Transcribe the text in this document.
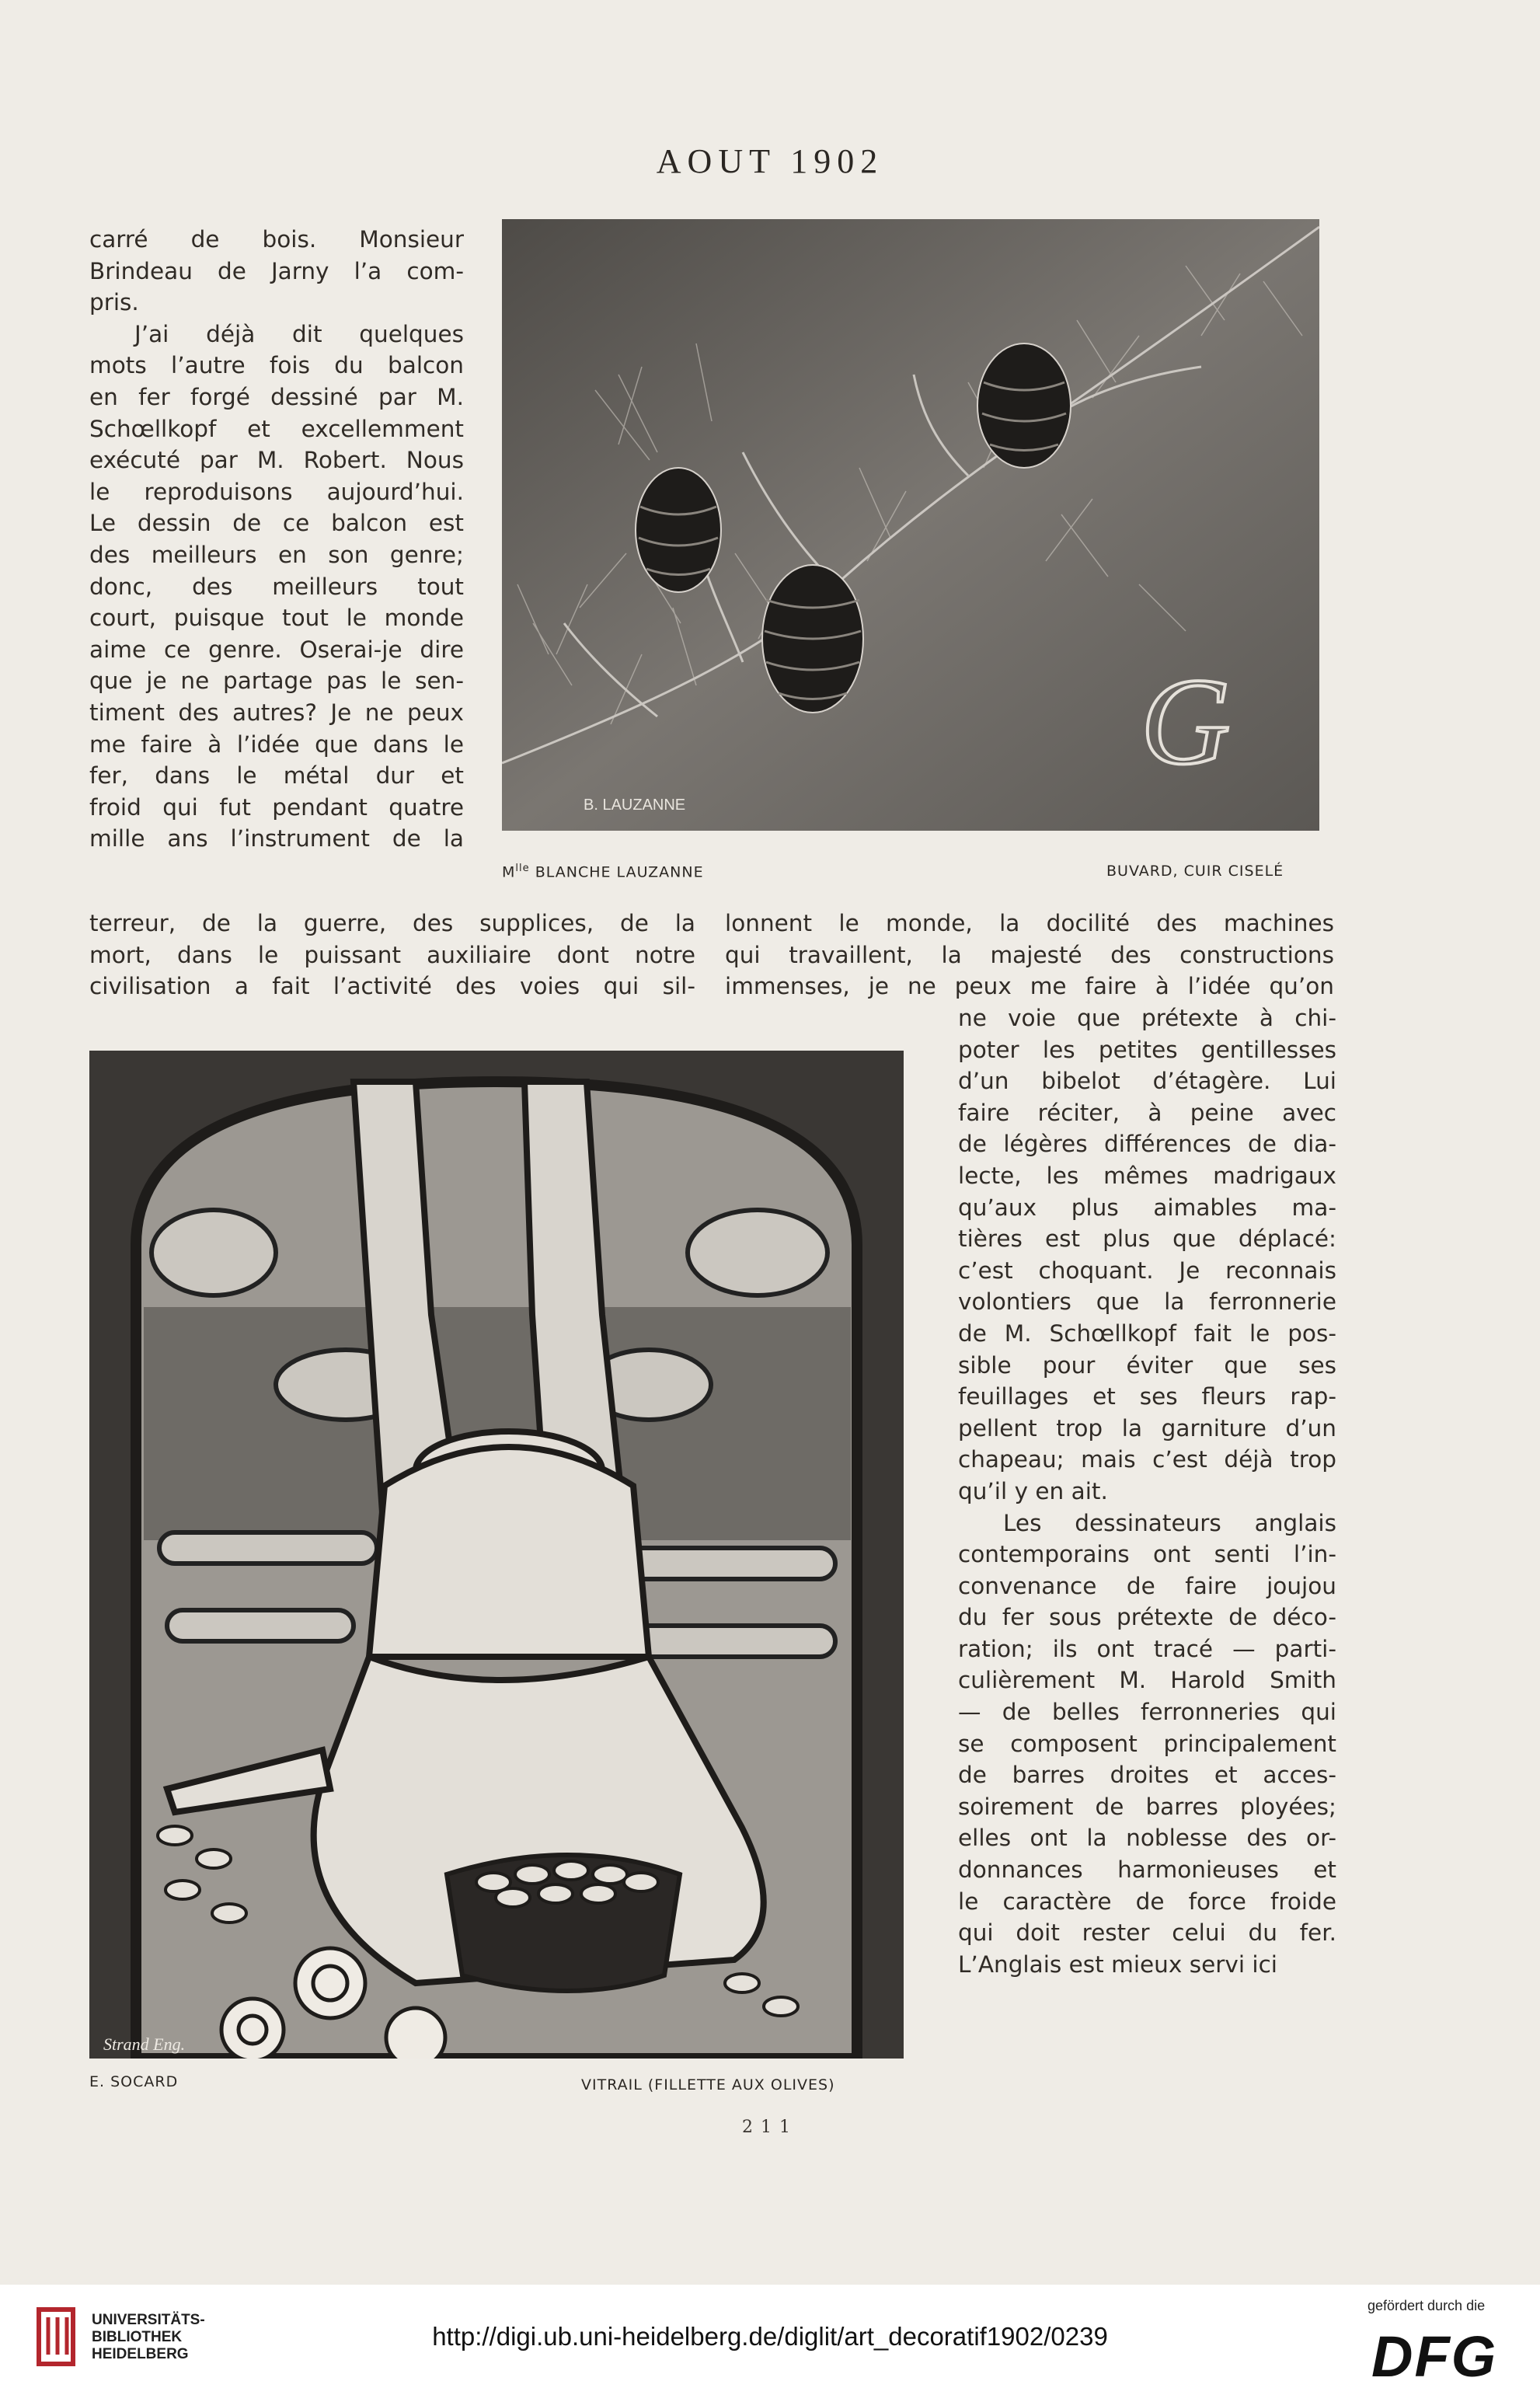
AOUT 1902
carré de bois. Monsieur
Brindeau de Jarny l’a com-
pris.
J’ai déjà dit quelques
mots l’autre fois du balcon
en fer forgé dessiné par M.
Schœllkopf et excellemment
exécuté par M. Robert. Nous
le reproduisons aujourd’hui.
Le dessin de ce balcon est
des meilleurs en son genre;
donc, des meilleurs tout
court, puisque tout le monde
aime ce genre. Oserai-je dire
que je ne partage pas le sen-
timent des autres? Je ne peux
me faire à l’idée que dans le
fer, dans le métal dur et
froid qui fut pendant quatre
mille ans l’instrument de la
G
B. LAUZANNE
$M^{lle}$ BLANCHE LAUZANNE	BUVARD, CUIR CISELÉ
terreur, de la guerre, des supplices, de la
mort, dans le puissant auxiliaire dont notre
civilisation a fait l’activité des voies qui sil-
lonnent le monde, la docilité des machines
qui travaillent, la majesté des constructions
immenses, je ne peux me faire à l’idée qu’on
Strand Eng.
E. SOCARD	VITRAIL (FILLETTE AUX OLIVES)
ne voie que prétexte à chi-
poter les petites gentillesses
d’un bibelot d’étagère. Lui
faire réciter, à peine avec
de légères différences de dia-
lecte, les mêmes madrigaux
qu’aux plus aimables ma-
tières est plus que déplacé:
c’est choquant. Je reconnais
volontiers que la ferronnerie
de M. Schœllkopf fait le pos-
sible pour éviter que ses
feuillages et ses fleurs rap-
pellent trop la garniture d’un
chapeau; mais c’est déjà trop
qu’il y en ait.
Les dessinateurs anglais
contemporains ont senti l’in-
convenance de faire joujou
du fer sous prétexte de déco-
ration; ils ont tracé — parti-
culièrement M. Harold Smith
— de belles ferronneries qui
se composent principalement
de barres droites et acces-
soirement de barres ployées;
elles ont la noblesse des or-
donnances harmonieuses et
le caractère de force froide
qui doit rester celui du fer.
L’Anglais est mieux servi ici
211
UNIVERSITÄTS-
BIBLIOTHEK
HEIDELBERG
http://digi.ub.uni-heidelberg.de/diglit/art_decoratif1902/0239
gefördert durch die
DFG
